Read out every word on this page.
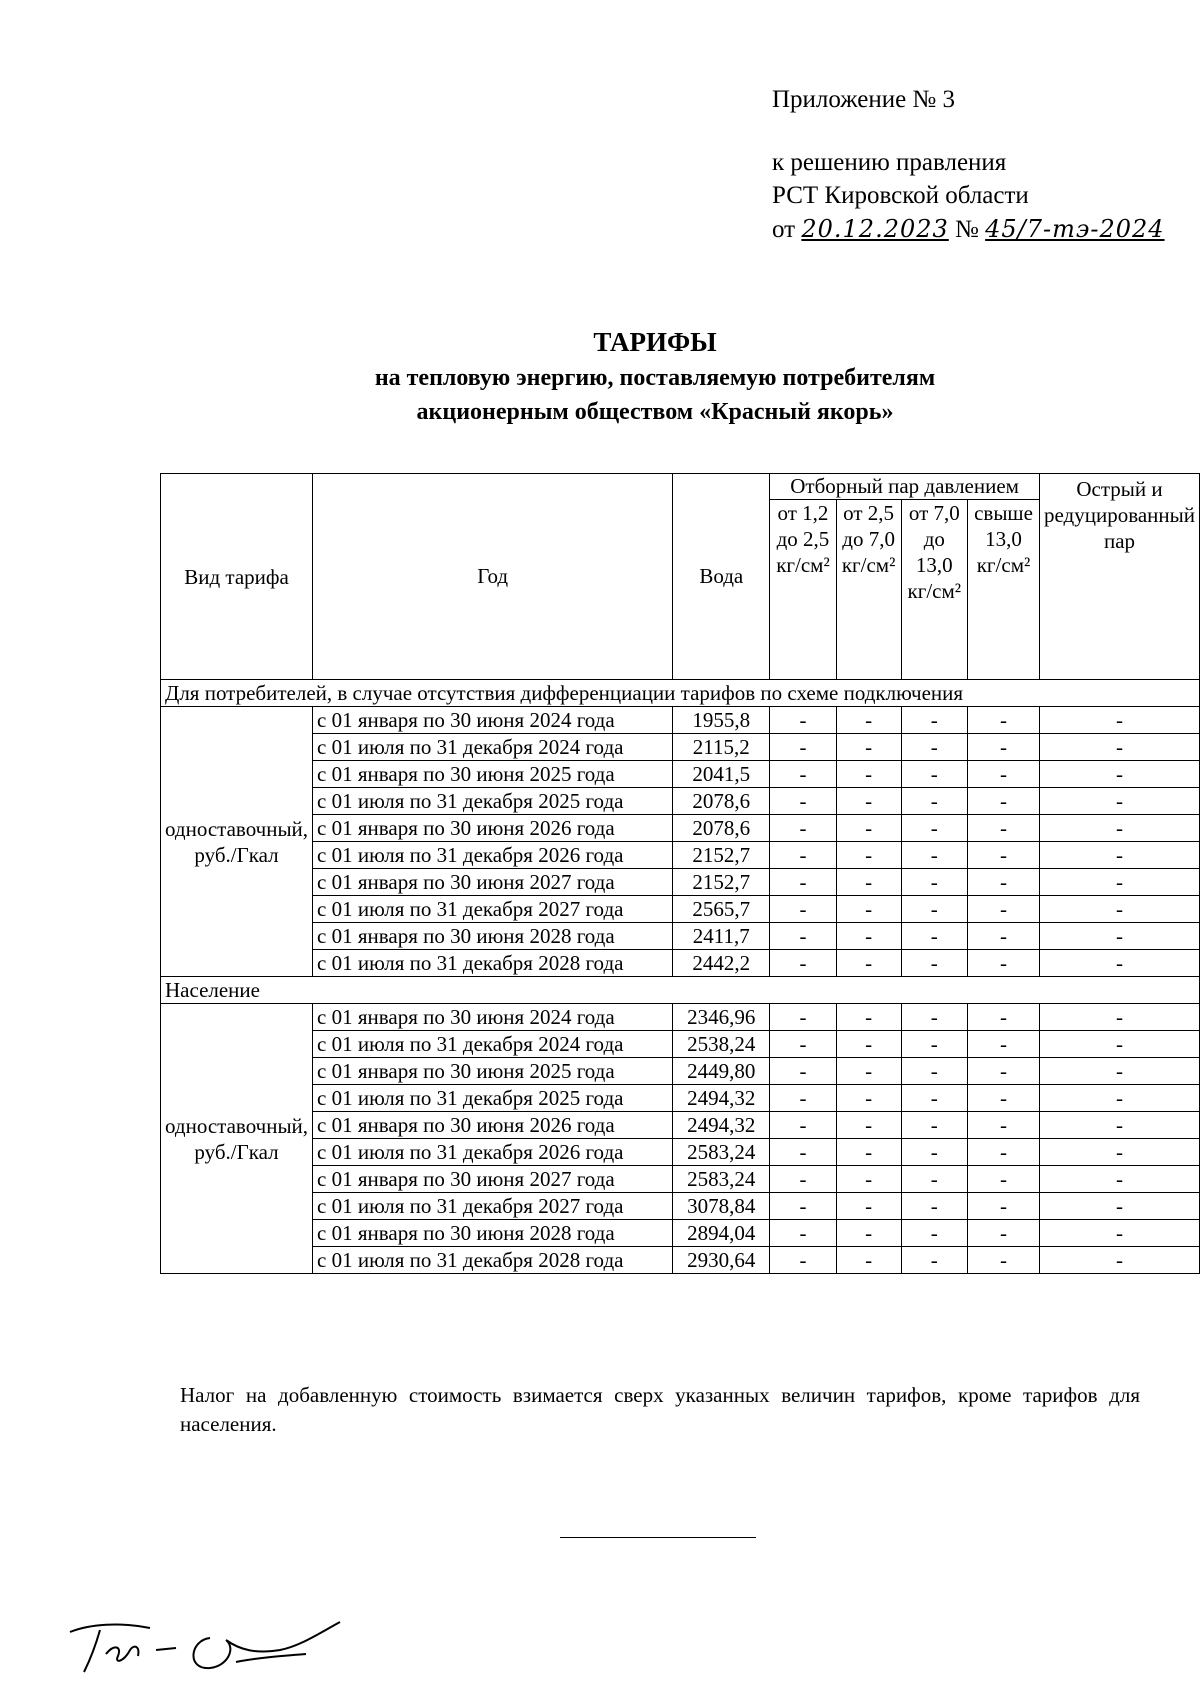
Приложение № 3
к решению правления
РСТ Кировской области
от 20.12.2023 № 45/7-тэ-2024
ТАРИФЫ
на тепловую энергию, поставляемую потребителям
акционерным обществом «Красный якорь»
Вид тарифа	Год	Вода	Отборный пар давлением				Острый и редуцированный пар
			от 1,2 до 2,5 кг/см²	от 2,5 до 7,0 кг/см²	от 7,0 до 13,0 кг/см²	свыше 13,0 кг/см²	
Для потребителей, в случае отсутствия дифференциации тарифов по схеме подключения							
одноставочный, руб./Гкал	с 01 января по 30 июня 2024 года	1955,8	-	-	-	-	-
	с 01 июля по 31 декабря 2024 года	2115,2	-	-	-	-	-
	с 01 января по 30 июня 2025 года	2041,5	-	-	-	-	-
	с 01 июля по 31 декабря 2025 года	2078,6	-	-	-	-	-
	с 01 января по 30 июня 2026 года	2078,6	-	-	-	-	-
	с 01 июля по 31 декабря 2026 года	2152,7	-	-	-	-	-
	с 01 января по 30 июня 2027 года	2152,7	-	-	-	-	-
	с 01 июля по 31 декабря 2027 года	2565,7	-	-	-	-	-
	с 01 января по 30 июня 2028 года	2411,7	-	-	-	-	-
	с 01 июля по 31 декабря 2028 года	2442,2	-	-	-	-	-
Население							
одноставочный, руб./Гкал	с 01 января по 30 июня 2024 года	2346,96	-	-	-	-	-
	с 01 июля по 31 декабря 2024 года	2538,24	-	-	-	-	-
	с 01 января по 30 июня 2025 года	2449,80	-	-	-	-	-
	с 01 июля по 31 декабря 2025 года	2494,32	-	-	-	-	-
	с 01 января по 30 июня 2026 года	2494,32	-	-	-	-	-
	с 01 июля по 31 декабря 2026 года	2583,24	-	-	-	-	-
	с 01 января по 30 июня 2027 года	2583,24	-	-	-	-	-
	с 01 июля по 31 декабря 2027 года	3078,84	-	-	-	-	-
	с 01 января по 30 июня 2028 года	2894,04	-	-	-	-	-
	с 01 июля по 31 декабря 2028 года	2930,64	-	-	-	-	-
Налог на добавленную стоимость взимается сверх указанных величин тарифов, кроме тарифов для населения.
